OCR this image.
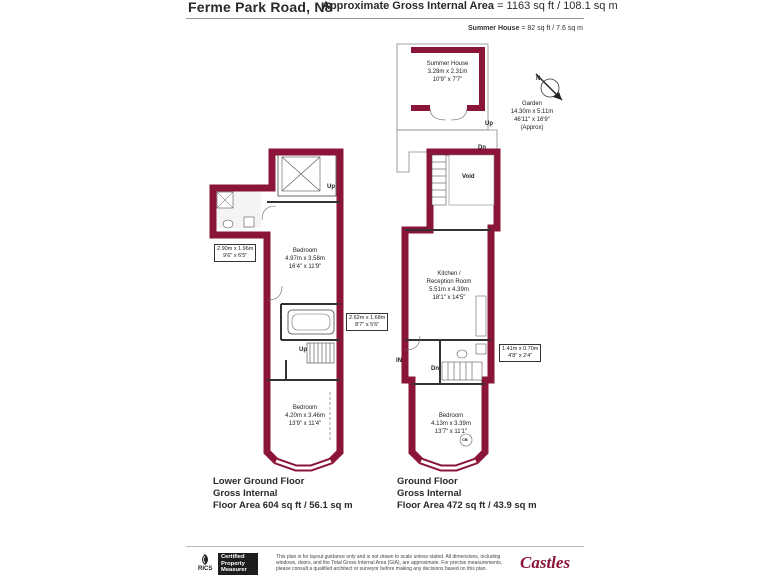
Ferme Park Road, N8
Approximate Gross Internal Area = 1163 sq ft / 108.1 sq m
Summer House = 82 sq ft / 7.6 sq m
N
Up
Up
Up
Dn
Void
Dn
IN
CB
Summer House
3.28m x 2.31m
10'9" x 7'7"
Garden
14.30m x 5.11m
46'11" x 16'9"
(Approx)
Bedroom
4.97m x 3.58m
16'4" x 11'9"
Bedroom
4.20m x 3.46m
13'9" x 11'4"
Kitchen /
Reception Room
5.51m x 4.39m
18'1" x 14'5"
Bedroom
4.13m x 3.39m
13'7" x 11'1"
2.90m x 1.96m
9'6" x 6'5"
2.62m x 1.68m
8'7" x 5'6"
1.41m x 0.70m
4'8" x 2'4"
Lower Ground Floor
Gross Internal
Floor Area 604 sq ft / 56.1 sq m
Ground Floor
Gross Internal
Floor Area 472 sq ft / 43.9 sq m
RICS
Certified
Property
Measurer
This plan is for layout guidance only and is not drawn to scale unless stated. All dimensions, including windows, doors, and the Total Gross Internal Area (GIA), are approximate. For precise measurements, please consult a qualified architect or surveyor before making any decisions based on this plan.	Castles
